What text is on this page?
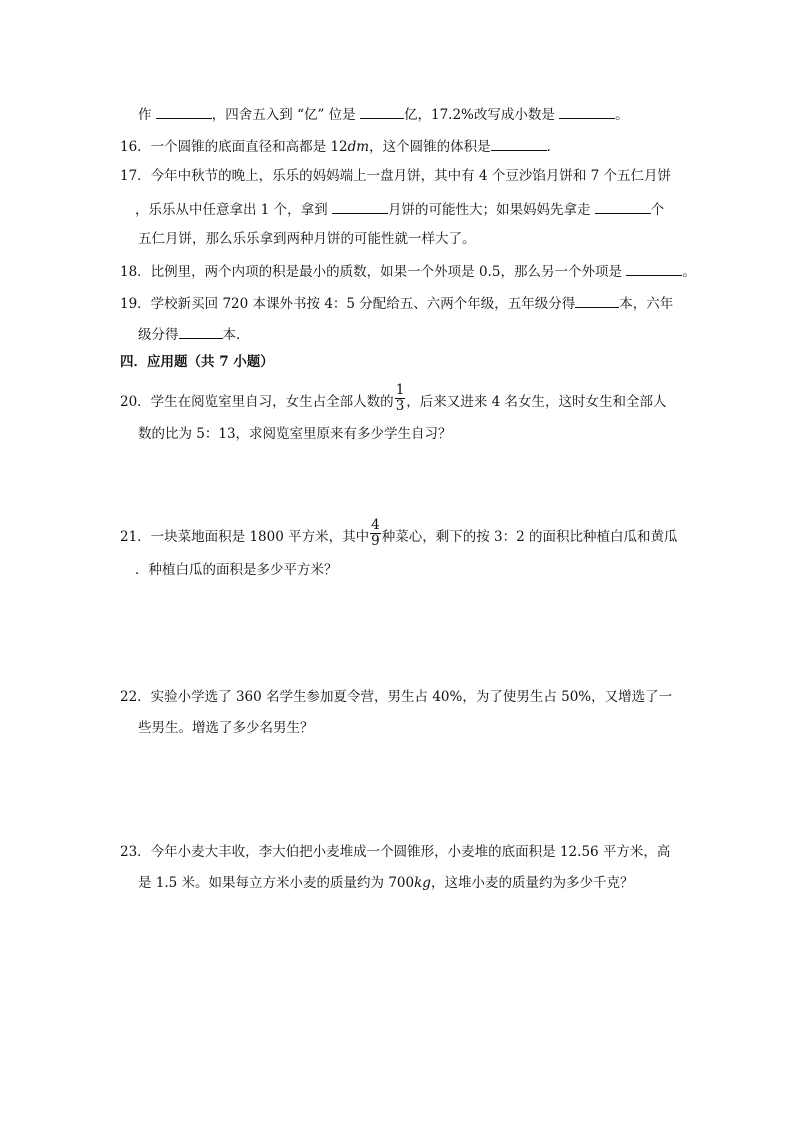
作	，四舍五入到 “亿” 位是	亿，17.2%改写成小数是	。
16．一个圆锥的底面直径和高都是 12dm，这个圆锥的体积是	．
17．今年中秋节的晚上，乐乐的妈妈端上一盘月饼，其中有 4 个豆沙馅月饼和 7 个五仁月饼
，乐乐从中任意拿出 1 个，拿到	月饼的可能性大；如果妈妈先拿走	个
五仁月饼，那么乐乐拿到两种月饼的可能性就一样大了。
18．比例里，两个内项的积是最小的质数，如果一个外项是 0.5，那么另一个外项是	。
19．学校新买回 720 本课外书按 4：5 分配给五、六两个年级，五年级分得	本，六年
级分得	本．
四．应用题（共 7 小题）
20．学生在阅览室里自习，女生占全部人数的 $\frac{1}{3}$ ，后来又进来 4 名女生，这时女生和全部人
数的比为 5：13，求阅览室里原来有多少学生自习？
21．一块菜地面积是 1800 平方米，其中 $\frac{4}{9}$ 种菜心，剩下的按 3：2 的面积比种植白瓜和黄瓜
．种植白瓜的面积是多少平方米？
22．实验小学选了 360 名学生参加夏令营，男生占 40%，为了使男生占 50%，又增选了一
些男生。增选了多少名男生？
23．今年小麦大丰收，李大伯把小麦堆成一个圆锥形，小麦堆的底面积是 12.56 平方米，高
是 1.5 米。如果每立方米小麦的质量约为 700kg，这堆小麦的质量约为多少千克？
